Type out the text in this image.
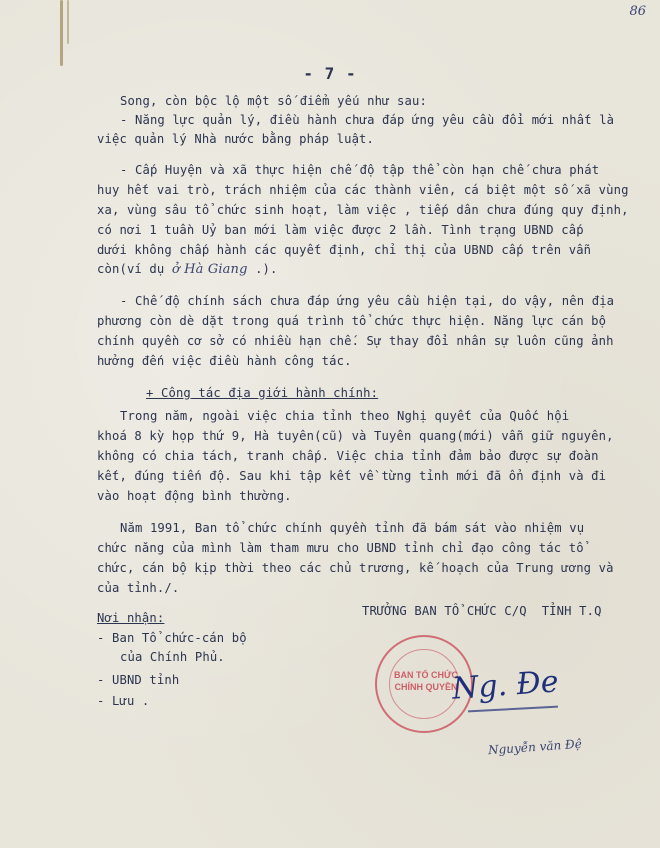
86
- 7 -
Song, còn bộc lộ một số điểm yếu như sau:
- Năng lực quản lý, điều hành chưa đáp ứng yêu cầu đổi mới nhất là
việc quản lý Nhà nước bằng pháp luật.
- Cấp Huyện và xã thực hiện chế độ tập thể còn hạn chế chưa phát
huy hết vai trò, trách nhiệm của các thành viên, cá biệt một số xã vùng
xa, vùng sâu tổ chức sinh hoạt, làm việc , tiếp dân chưa đúng quy định,
có nơi 1 tuần Uỷ ban mới làm việc được 2 lần. Tình trạng UBND cấp
dưới không chấp hành các quyết định, chỉ thị của UBND cấp trên vẫn
còn(ví dụ ở Hà Giang .).
- Chế độ chính sách chưa đáp ứng yêu cầu hiện tại, do vậy, nên địa
phương còn dè dặt trong quá trình tổ chức thực hiện. Năng lực cán bộ
chính quyền cơ sở có nhiều hạn chế. Sự thay đổi nhân sự luôn cũng ảnh
hưởng đến việc điều hành công tác.
+ Công tác địa giới hành chính:
Trong năm, ngoài việc chia tỉnh theo Nghị quyết của Quốc hội
khoá 8 kỳ họp thứ 9, Hà tuyên(cũ) và Tuyên quang(mới) vẫn giữ nguyên,
không có chia tách, tranh chấp. Việc chia tỉnh đảm bảo được sự đoàn
kết, đúng tiến độ. Sau khi tập kết về từng tỉnh mới đã ổn định và đi
vào hoạt động bình thường.
Năm 1991, Ban tổ chức chính quyền tỉnh đã bám sát vào nhiệm vụ
chức năng của mình làm tham mưu cho UBND tỉnh chỉ đạo công tác tổ
chức, cán bộ kịp thời theo các chủ trương, kế hoạch của Trung ương và
của tỉnh./.
Nơi nhận:
- Ban Tổ chức-cán bộ
của Chính Phủ.
- UBND tỉnh
- Lưu .
TRƯỞNG BAN TỔ CHỨC C/Q  TỈNH T.Q
BAN TỔ CHỨC
CHÍNH QUYỀN
Ng. Đe
Nguyễn văn Đệ
